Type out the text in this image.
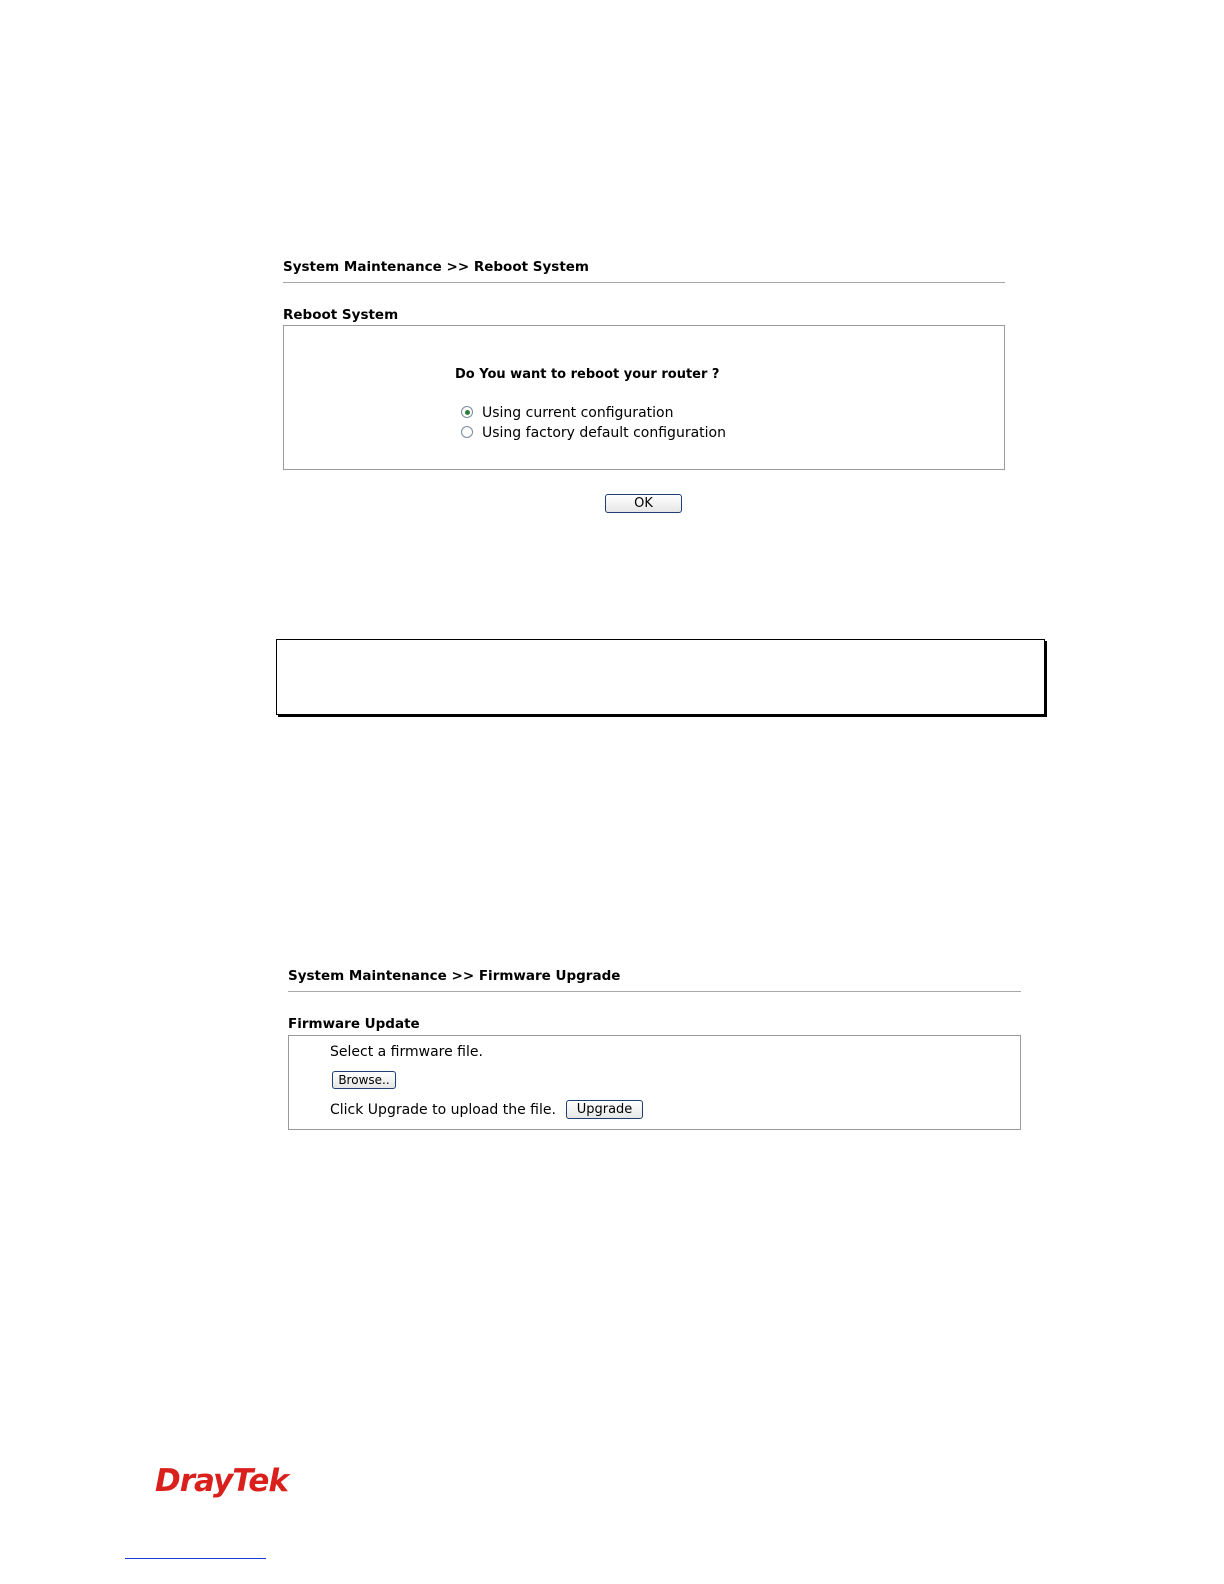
System Maintenance >> Reboot System
Reboot System
Do You want to reboot your router ?
Using current configuration
Using factory default configuration
OK
System Maintenance >> Firmware Upgrade
Firmware Update
Select a firmware file.
Browse..
Click Upgrade to upload the file.	Upgrade
DrayTek
